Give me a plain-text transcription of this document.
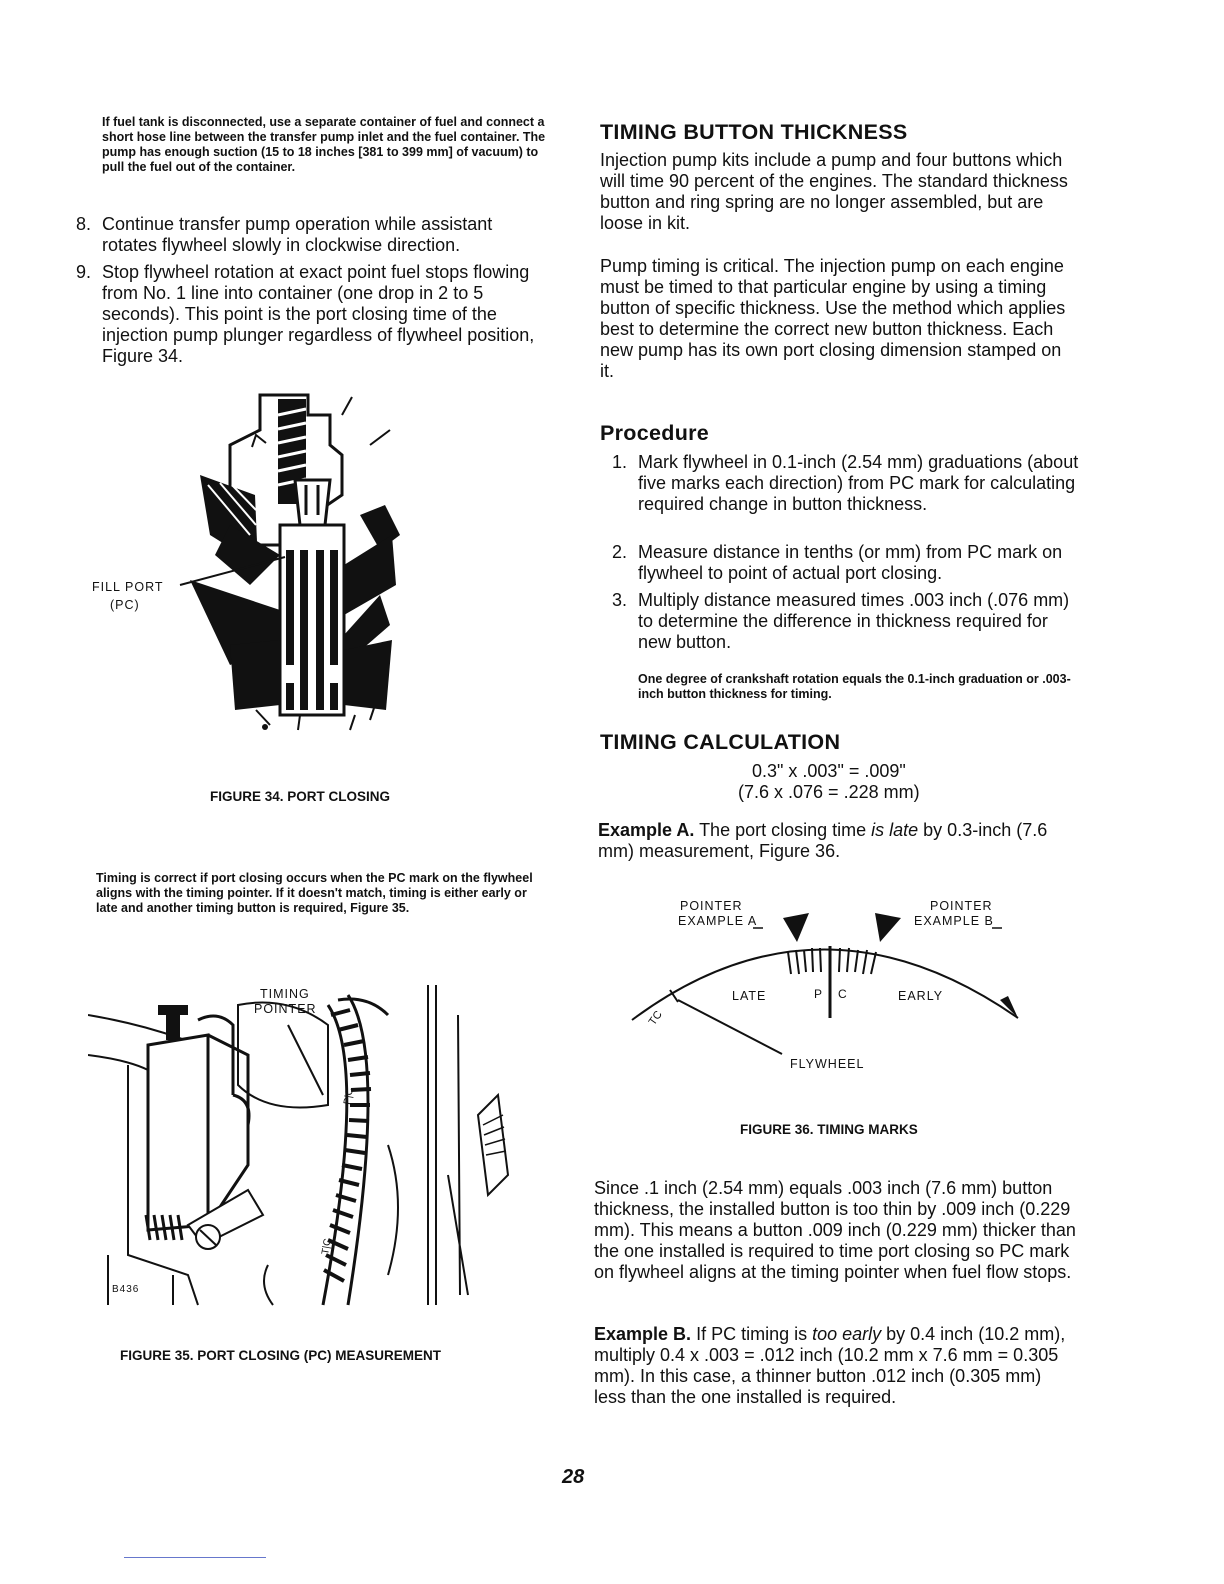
If fuel tank is disconnected, use a separate container of fuel and connect a short hose line between the transfer pump inlet and the fuel container. The pump has enough suction (15 to 18 inches [381 to 399 mm] of vacuum) to pull the fuel out of the container.
8. Continue transfer pump operation while assistant rotates flywheel slowly in clockwise direction.
9. Stop flywheel rotation at exact point fuel stops flowing from No. 1 line into container (one drop in 2 to 5 seconds). This point is the port closing time of the injection pump plunger regardless of flywheel position, Figure 34.
FILL PORT
(PC)
FIGURE 34. PORT CLOSING
Timing is correct if port closing occurs when the PC mark on the flywheel aligns with the timing pointer. If it doesn't match, timing is either early or late and another timing button is required, Figure 35.
P|C
T|C
TIMING
POINTER
B436
FIGURE 35. PORT CLOSING (PC) MEASUREMENT
TIMING BUTTON THICKNESS
Injection pump kits include a pump and four buttons which will time 90 percent of the engines. The standard thickness button and ring spring are no longer assembled, but are loose in kit.
Pump timing is critical. The injection pump on each engine must be timed to that particular engine by using a timing button of specific thickness. Use the method which applies best to determine the correct new button thickness. Each new pump has its own port closing dimension stamped on it.
Procedure
1. Mark flywheel in 0.1-inch (2.54 mm) graduations (about five marks each direction) from PC mark for calculating required change in button thickness.
2. Measure distance in tenths (or mm) from PC mark on flywheel to point of actual port closing.
3. Multiply distance measured times .003 inch (.076 mm) to determine the difference in thickness required for new button.
One degree of crankshaft rotation equals the 0.1-inch graduation or .003-inch button thickness for timing.
TIMING CALCULATION
0.3" x .003" = .009"
(7.6 x .076 = .228 mm)
Example A. The port closing time is late by 0.3-inch (7.6 mm) measurement, Figure 36.
POINTER
EXAMPLE A
POINTER
EXAMPLE B
P C
LATE	EARLY
TC
FLYWHEEL
FIGURE 36. TIMING MARKS
Since .1 inch (2.54 mm) equals .003 inch (7.6 mm) button thickness, the installed button is too thin by .009 inch (0.229 mm). This means a button .009 inch (0.229 mm) thicker than the one installed is required to time port closing so PC mark on flywheel aligns at the timing pointer when fuel flow stops.
Example B. If PC timing is too early by 0.4 inch (10.2 mm), multiply 0.4 x .003 = .012 inch (10.2 mm x 7.6 mm = 0.305 mm). In this case, a thinner button .012 inch (0.305 mm) less than the one installed is required.
28
